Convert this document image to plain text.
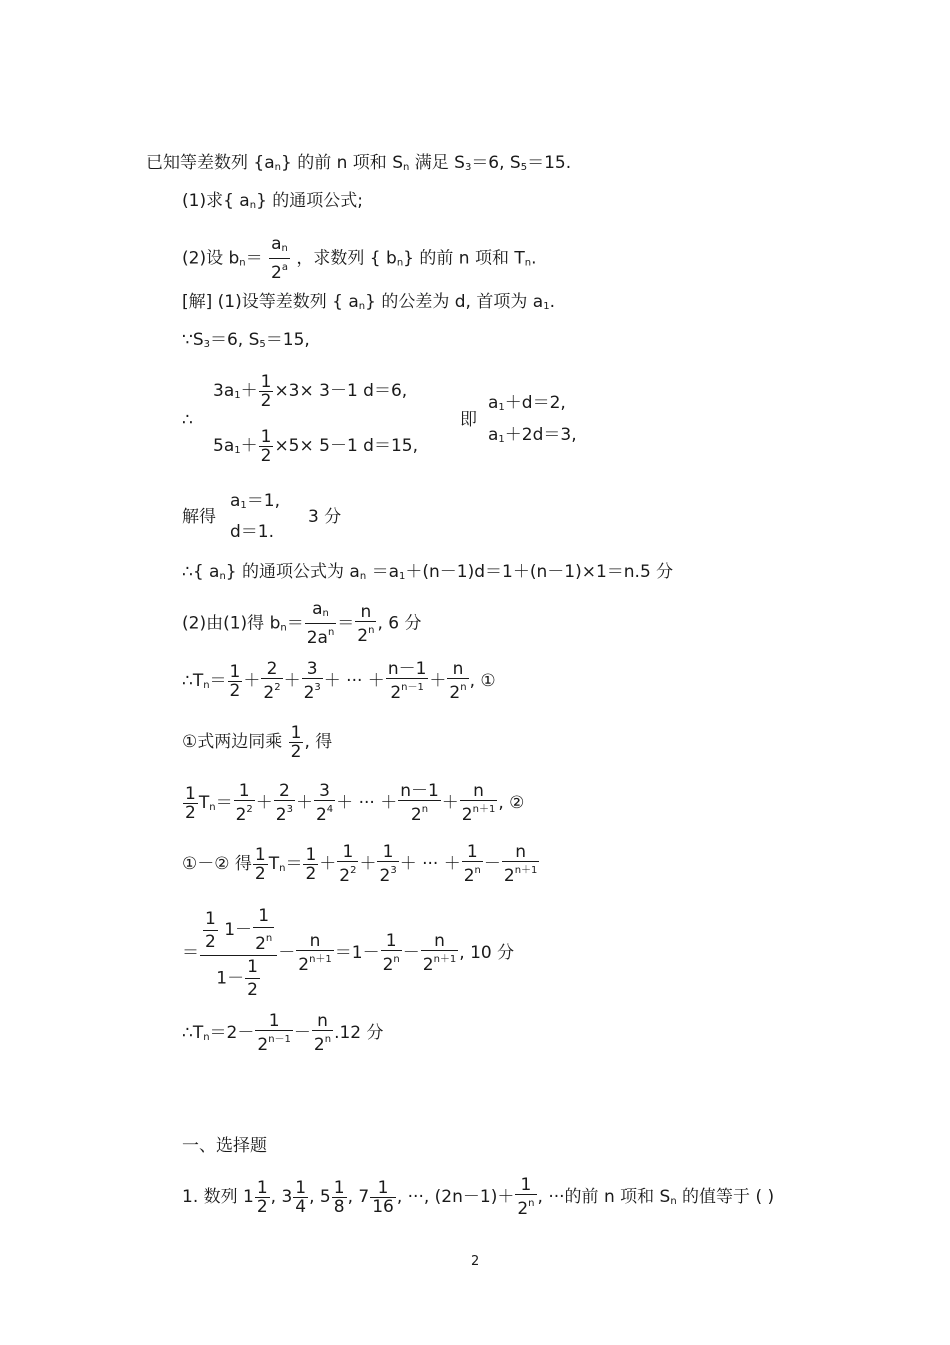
已知等差数列 $\{a_n\}$ 的前 n 项和 $S_n$ 满足 $S_3=6$, $S_5=15$.
(1)求{ $a_n$} 的通项公式;
(2)设 $b_n= \frac{a_n}{2^a}$ ，求数列 { $b_n$} 的前 n 项和 $T_n$.
[解] (1)设等差数列 { $a_n$} 的公差为 d, 首项为 $a_1$.
$\because S_3=6$, $S_5=15$,
∴
$3a_1+ \frac{1}{2} \times 3\times 3-1$ d＝6,
$5a_1+ \frac{1}{2} \times 5\times 5-1$ d＝15,
即
$a_1+d=2$,
$a_1+2d=3$,
解得
$a_1=1$,
d＝1.
3 分
∴{ $a_n$} 的通项公式为 $a_n =a_1+(n-1)d=1+(n-1)\times 1=n.5$ 分
(2)由(1)得 $b_n= \frac{a_n}{2a^n} = \frac{n}{2^n}$ , 6 分
$\therefore T_n= \frac{1}{2} + \frac{2}{2^2} + \frac{3}{2^3}$ ＋ ··· ＋ $\frac{n-1}{2^{n-1}} + \frac{n}{2^n}$ , ①
①式两边同乘 $\frac{1}{2}$ , 得
$\frac{1}{2} T_n= \frac{1}{2^2} + \frac{2}{2^3} + \frac{3}{2^4}$ ＋ ··· ＋ $\frac{n-1}{2^n} + \frac{n}{2^{n+1}}$ , ②
①－② 得 $\frac{1}{2} T_n= \frac{1}{2} + \frac{1}{2^2} + \frac{1}{2^3}$ ＋ ··· ＋ $\frac{1}{2^n} - \frac{n}{2^{n+1}}$
＝ $\frac{\frac{1}{2} 1- \frac{1}{2^n}}{1- \frac{1}{2}} - \frac{n}{2^{n+1}} =1- \frac{1}{2^n} - \frac{n}{2^{n+1}}$ , 10 分
$\therefore T_n=2- \frac{1}{2^{n-1}} - \frac{n}{2^n} .12$ 分
一、选择题
1. 数列 $1 \frac{1}{2}$ , $3 \frac{1}{4}$ , $5 \frac{1}{8}$ , $7 \frac{1}{16}$ , ···, $(2n-1)+ \frac{1}{2^n}$ , ···的前 n 项和 $S_n$ 的值等于 ( )
2
